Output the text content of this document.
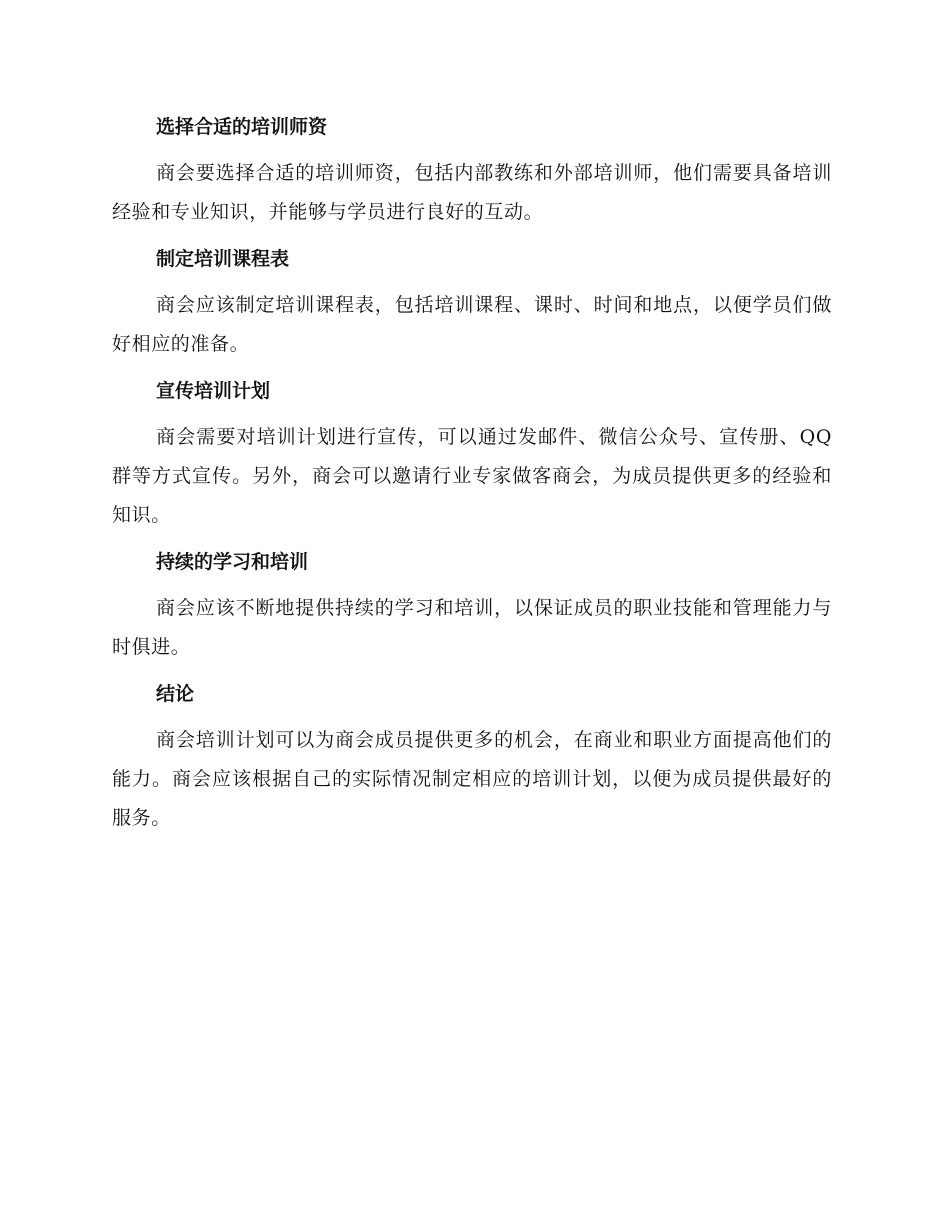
选择合适的培训师资

商会要选择合适的培训师资，包括内部教练和外部培训师，他们需要具备培训经验和专业知识，并能够与学员进行良好的互动。

制定培训课程表

商会应该制定培训课程表，包括培训课程、课时、时间和地点，以便学员们做好相应的准备。

宣传培训计划

商会需要对培训计划进行宣传，可以通过发邮件、微信公众号、宣传册、QQ群等方式宣传。另外，商会可以邀请行业专家做客商会，为成员提供更多的经验和知识。

持续的学习和培训

商会应该不断地提供持续的学习和培训，以保证成员的职业技能和管理能力与时俱进。

结论

商会培训计划可以为商会成员提供更多的机会，在商业和职业方面提高他们的能力。商会应该根据自己的实际情况制定相应的培训计划，以便为成员提供最好的服务。
